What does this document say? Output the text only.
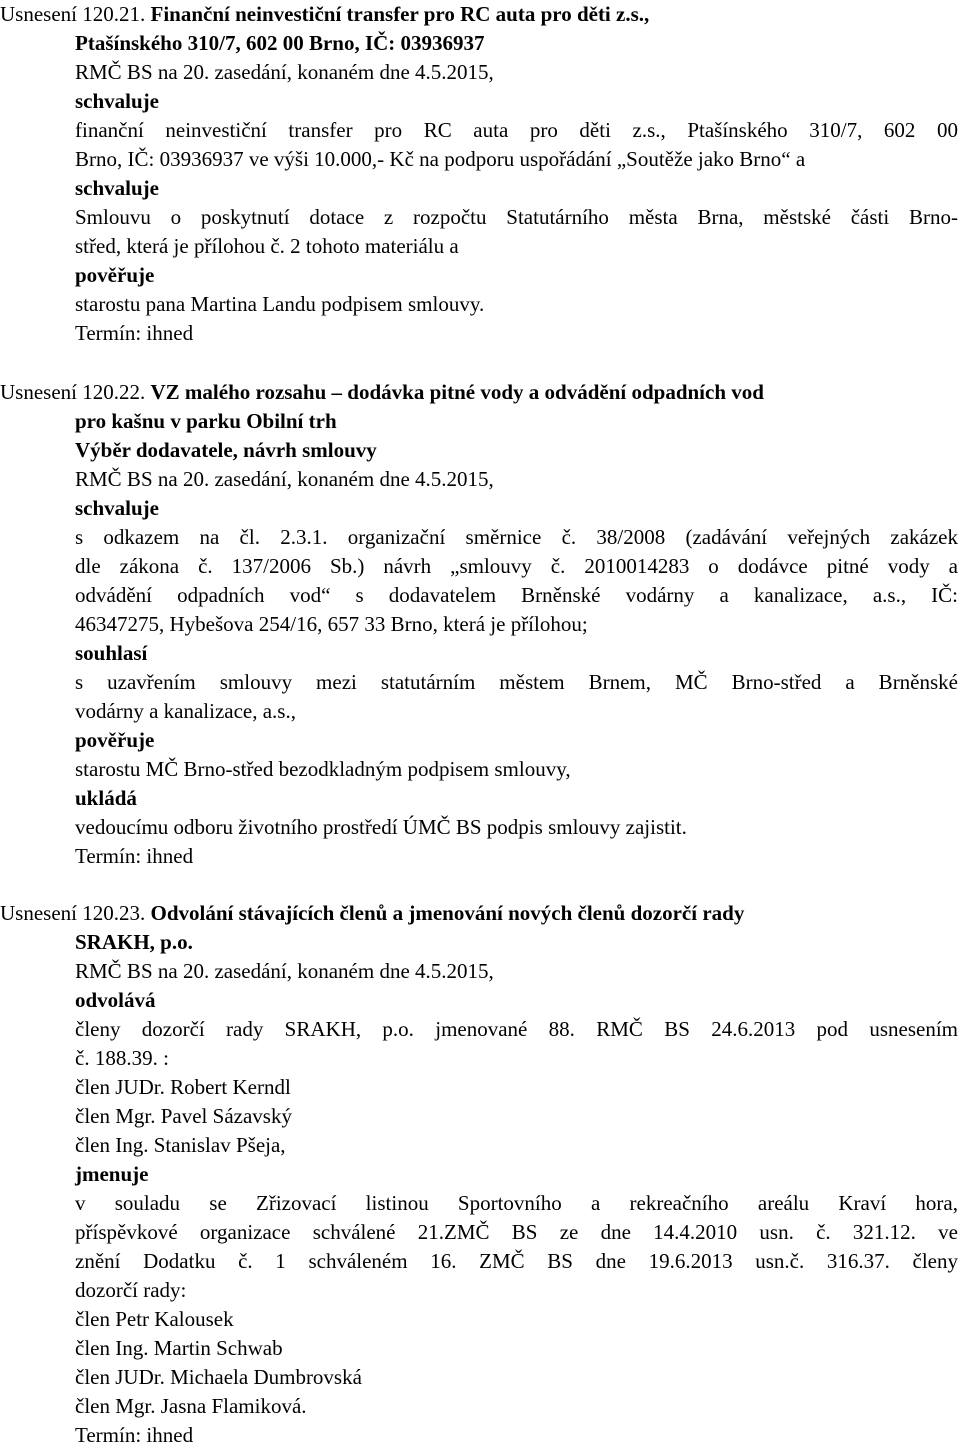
Usnesení 120.21. Finanční neinvestiční transfer pro RC auta pro děti z.s.,
Ptašínského 310/7, 602 00 Brno, IČ: 03936937
RMČ BS na 20. zasedání, konaném dne 4.5.2015,
schvaluje
finanční neinvestiční transfer pro RC auta pro děti z.s., Ptašínského 310/7, 602 00
Brno, IČ: 03936937 ve výši 10.000,- Kč na podporu uspořádání „Soutěže jako Brno“ a
schvaluje
Smlouvu o poskytnutí dotace z rozpočtu Statutárního města Brna, městské části Brno-
střed, která je přílohou č. 2 tohoto materiálu a
pověřuje
starostu pana Martina Landu podpisem smlouvy.
Termín: ihned
Usnesení 120.22. VZ malého rozsahu – dodávka pitné vody a odvádění odpadních vod
pro kašnu v parku Obilní trh
Výběr dodavatele, návrh smlouvy
RMČ BS na 20. zasedání, konaném dne 4.5.2015,
schvaluje
s odkazem na čl. 2.3.1. organizační směrnice č. 38/2008 (zadávání veřejných zakázek
dle zákona č. 137/2006 Sb.) návrh „smlouvy č. 2010014283 o dodávce pitné vody a
odvádění odpadních vod“ s dodavatelem Brněnské vodárny a kanalizace, a.s., IČ:
46347275, Hybešova 254/16, 657 33 Brno, která je přílohou;
souhlasí
s uzavřením smlouvy mezi statutárním městem Brnem, MČ Brno-střed a Brněnské
vodárny a kanalizace, a.s.,
pověřuje
starostu MČ Brno-střed bezodkladným podpisem smlouvy,
ukládá
vedoucímu odboru životního prostředí ÚMČ BS podpis smlouvy zajistit.
Termín: ihned
Usnesení 120.23. Odvolání stávajících členů a jmenování nových členů dozorčí rady
SRAKH, p.o.
RMČ BS na 20. zasedání, konaném dne 4.5.2015,
odvolává
členy dozorčí rady SRAKH, p.o. jmenované 88. RMČ BS 24.6.2013 pod usnesením
č. 188.39. :
člen JUDr. Robert Kerndl
člen Mgr. Pavel Sázavský
člen Ing. Stanislav Pšeja,
jmenuje
v souladu se Zřizovací listinou Sportovního a rekreačního areálu Kraví hora,
příspěvkové organizace schválené 21.ZMČ BS ze dne 14.4.2010 usn. č. 321.12. ve
znění Dodatku č. 1 schváleném 16. ZMČ BS dne 19.6.2013 usn.č. 316.37. členy
dozorčí rady:
člen Petr Kalousek
člen Ing. Martin Schwab
člen JUDr. Michaela Dumbrovská
člen Mgr. Jasna Flamiková.
Termín: ihned
